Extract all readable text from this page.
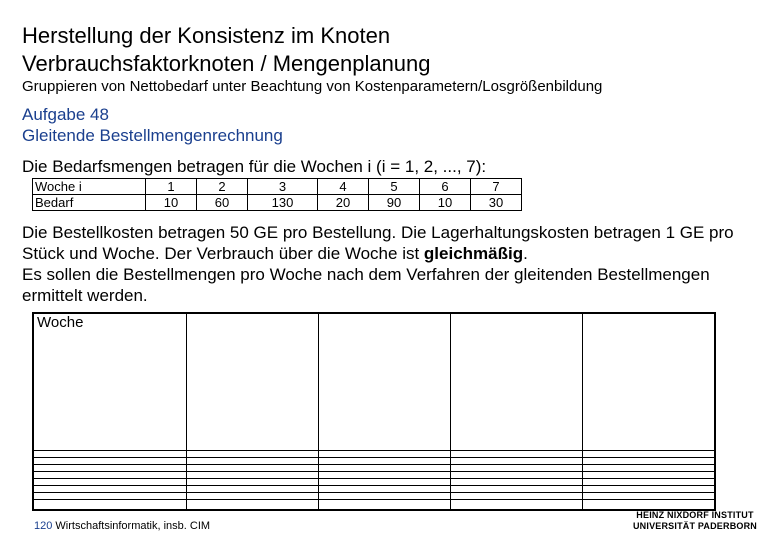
Herstellung der Konsistenz im Knoten
Verbrauchsfaktorknoten / Mengenplanung
Gruppieren von Nettobedarf unter Beachtung von Kostenparametern/Losgrößenbildung
Aufgabe 48
Gleitende Bestellmengenrechnung
Die Bedarfsmengen betragen für die Wochen i (i = 1, 2, ..., 7):
Woche i	1	2	3	4	5	6	7
Bedarf	10	60	130	20	90	10	30

Die Bestellkosten betragen 50 GE pro Bestellung. Die Lagerhaltungskosten betragen 1 GE pro Stück und Woche. Der Verbrauch über die Woche ist gleichmäßig.

Es sollen die Bestellmengen pro Woche nach dem Verfahren der gleitenden Bestellmengen ermittelt werden.

Woche				

120 Wirtschaftsinformatik, insb. CIM
HEINZ NIXDORF INSTITUT
UNIVERSITÄT PADERBORN
